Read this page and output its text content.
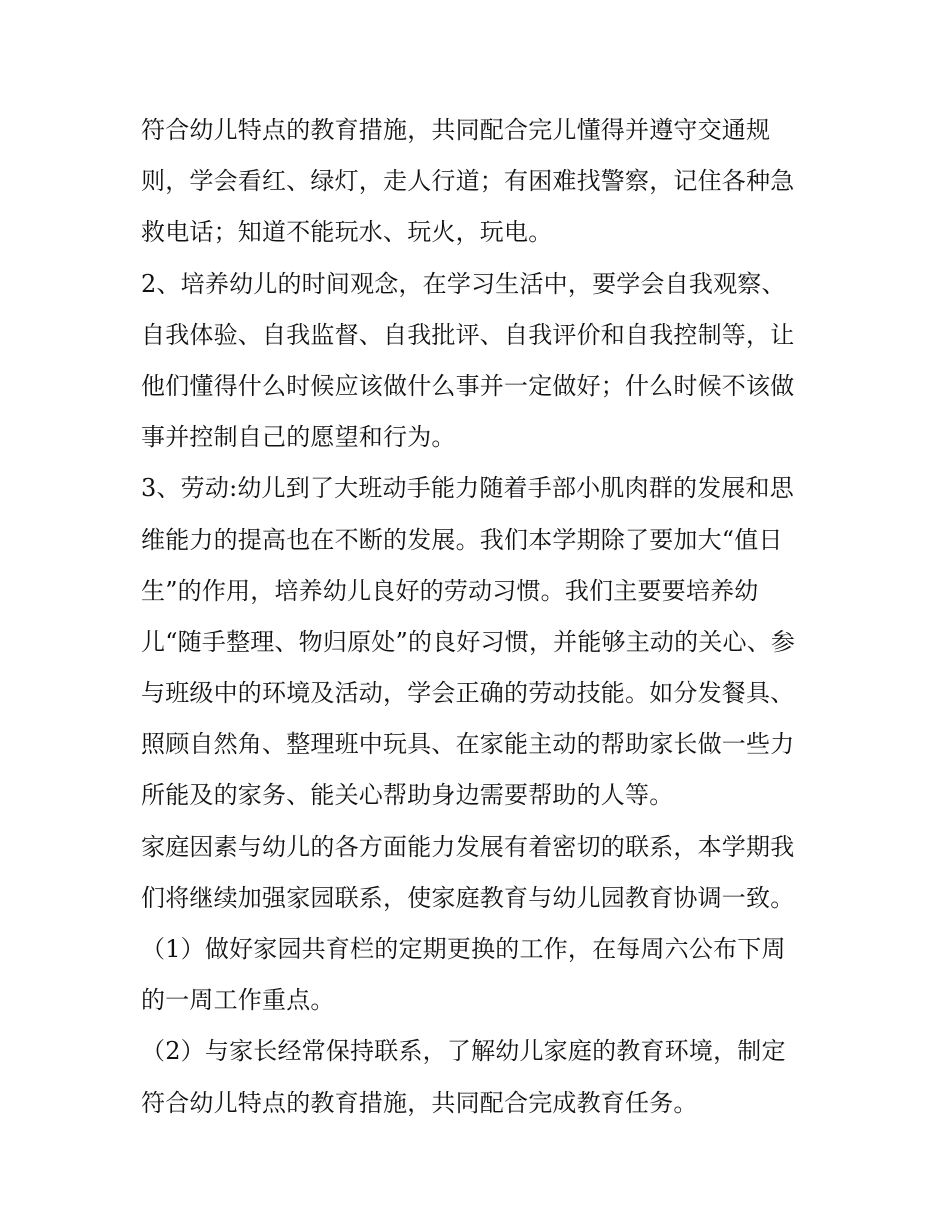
符合幼儿特点的教育措施，共同配合完儿懂得并遵守交通规
则，学会看红、绿灯，走人行道；有困难找警察，记住各种急
救电话；知道不能玩水、玩火，玩电。
2、培养幼儿的时间观念，在学习生活中，要学会自我观察、
自我体验、自我监督、自我批评、自我评价和自我控制等，让
他们懂得什么时候应该做什么事并一定做好；什么时候不该做
事并控制自己的愿望和行为。
3、劳动:幼儿到了大班动手能力随着手部小肌肉群的发展和思
维能力的提高也在不断的发展。我们本学期除了要加大“值日
生”的作用，培养幼儿良好的劳动习惯。我们主要要培养幼
儿“随手整理、物归原处”的良好习惯，并能够主动的关心、参
与班级中的环境及活动，学会正确的劳动技能。如分发餐具、
照顾自然角、整理班中玩具、在家能主动的帮助家长做一些力
所能及的家务、能关心帮助身边需要帮助的人等。
家庭因素与幼儿的各方面能力发展有着密切的联系，本学期我
们将继续加强家园联系，使家庭教育与幼儿园教育协调一致。
（1）做好家园共育栏的定期更换的工作，在每周六公布下周
的一周工作重点。
（2）与家长经常保持联系，了解幼儿家庭的教育环境，制定
符合幼儿特点的教育措施，共同配合完成教育任务。
